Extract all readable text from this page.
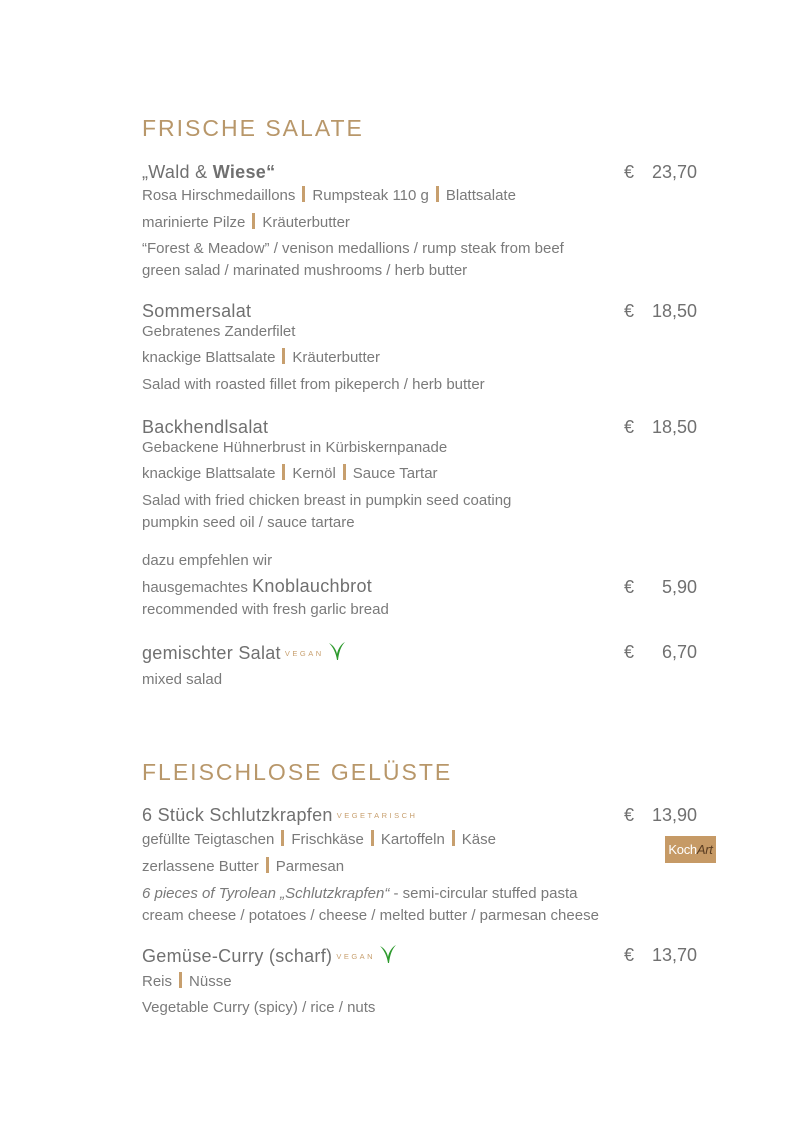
FRISCHE SALATE
„Wald & Wiese“
Rosa Hirschmedaillons Rumpsteak 110 g Blattsalate
marinierte Pilze Kräuterbutter
“Forest & Meadow” / venison medallions / rump steak from beef
green salad / marinated mushrooms / herb butter
€ 23,70
Sommersalat
Gebratenes Zanderfilet
knackige Blattsalate Kräuterbutter
Salad with roasted fillet from pikeperch / herb butter
€ 18,50
Backhendlsalat
Gebackene Hühnerbrust in Kürbiskernpanade
knackige Blattsalate Kernöl Sauce Tartar
Salad with fried chicken breast in pumpkin seed coating
pumpkin seed oil / sauce tartare
€ 18,50
dazu empfehlen wir
hausgemachtes Knoblauchbrot
recommended with fresh garlic bread
€ 5,90
gemischter Salat VEGAN
mixed salad
€ 6,70
FLEISCHLOSE GELÜSTE
6 Stück Schlutzkrapfen VEGETARISCH
gefüllte Teigtaschen Frischkäse Kartoffeln Käse
zerlassene Butter Parmesan
6 pieces of Tyrolean „Schlutzkrapfen“ - semi-circular stuffed pasta
cream cheese / potatoes / cheese / melted butter / parmesan cheese
€ 13,90
Gemüse-Curry (scharf) VEGAN
Reis Nüsse
Vegetable Curry (spicy) / rice / nuts
€ 13,70
KochArt
